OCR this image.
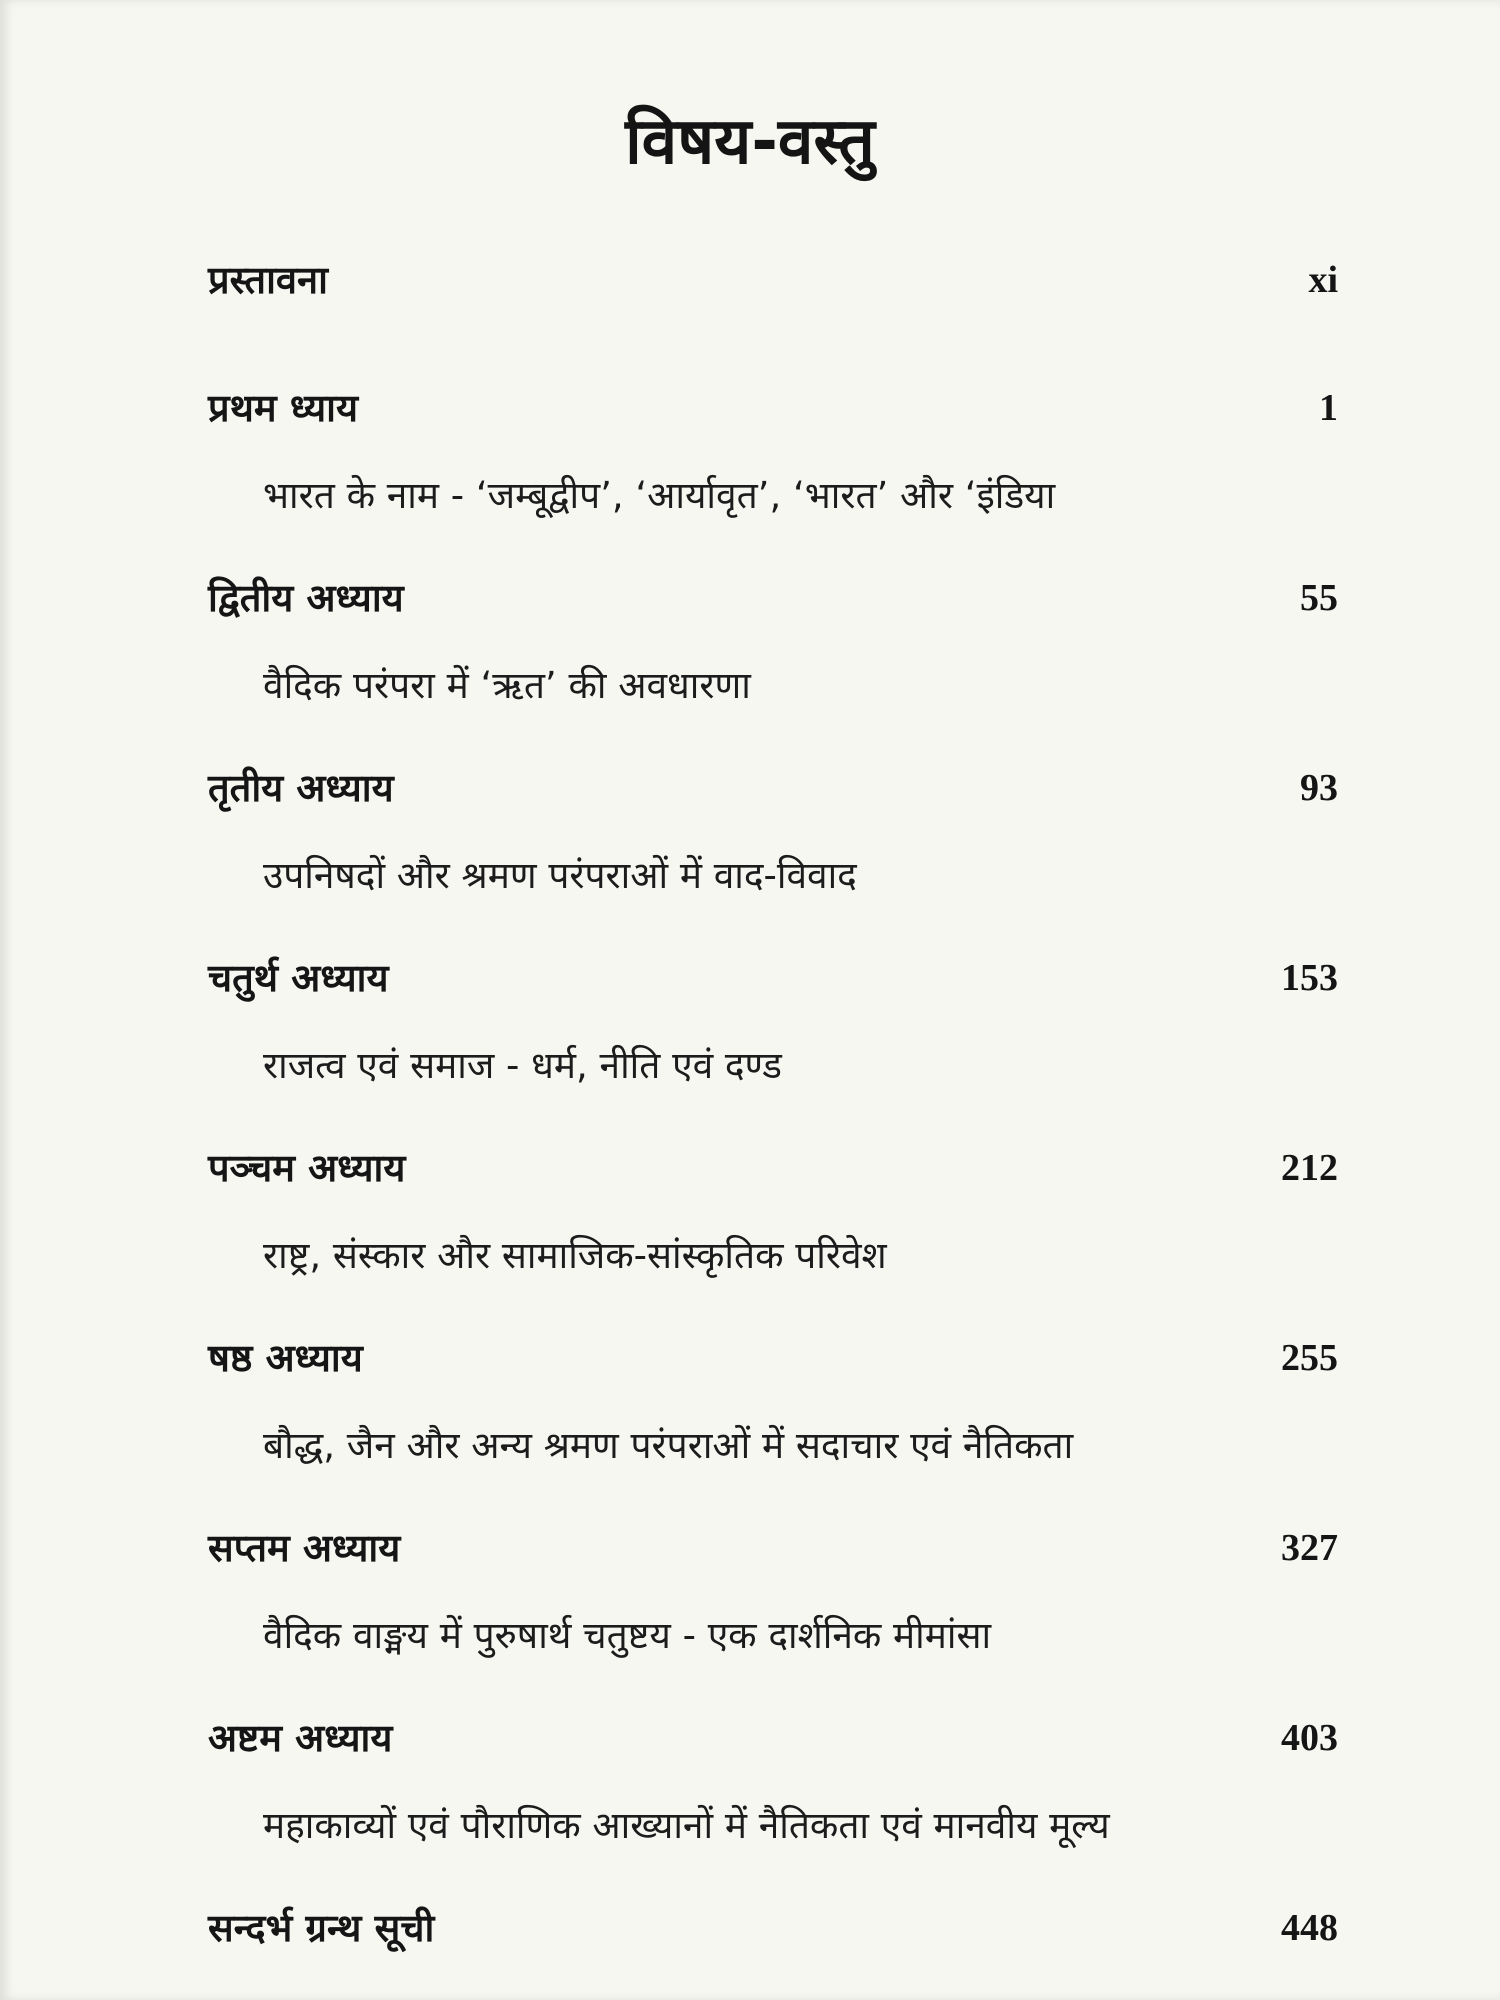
विषय-वस्तु
प्रस्तावना	xi
प्रथम ध्याय	1
भारत के नाम - ‘जम्बूद्वीप’, ‘आर्यावृत’, ‘भारत’ और ‘इंडिया
द्वितीय अध्याय	55
वैदिक परंपरा में ‘ऋत’ की अवधारणा
तृतीय अध्याय	93
उपनिषदों और श्रमण परंपराओं में वाद-विवाद
चतुर्थ अध्याय	153
राजत्व एवं समाज - धर्म, नीति एवं दण्ड
पञ्चम अध्याय	212
राष्ट्र, संस्कार और सामाजिक-सांस्कृतिक परिवेश
षष्ठ अध्याय	255
बौद्ध, जैन और अन्य श्रमण परंपराओं में सदाचार एवं नैतिकता
सप्तम अध्याय	327
वैदिक वाङ्मय में पुरुषार्थ चतुष्टय - एक दार्शनिक मीमांसा
अष्टम अध्याय	403
महाकाव्यों एवं पौराणिक आख्यानों में नैतिकता एवं मानवीय मूल्य
सन्दर्भ ग्रन्थ सूची	448
